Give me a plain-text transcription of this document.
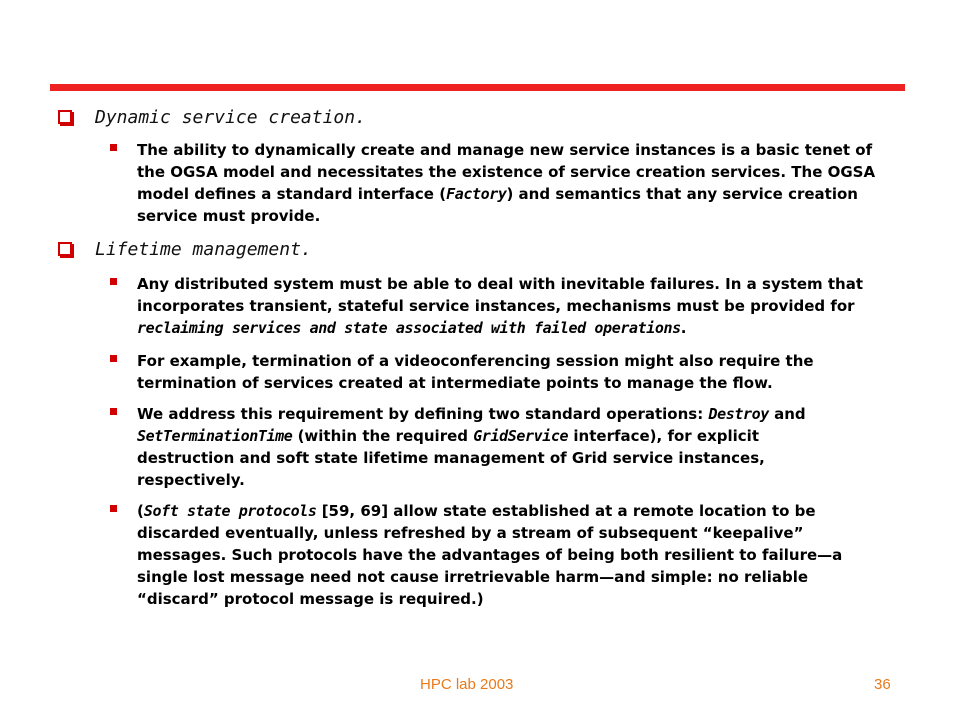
Dynamic service creation.
The ability to dynamically create and manage new service instances is a basic tenet of
the OGSA model and necessitates the existence of service creation services. The OGSA
model defines a standard interface (Factory) and semantics that any service creation
service must provide.
Lifetime management.
Any distributed system must be able to deal with inevitable failures. In a system that
incorporates transient, stateful service instances, mechanisms must be provided for
reclaiming services and state associated with failed operations.
For example, termination of a videoconferencing session might also require the
termination of services created at intermediate points to manage the flow.
We address this requirement by defining two standard operations: Destroy and
SetTerminationTime (within the required GridService interface), for explicit
destruction and soft state lifetime management of Grid service instances,
respectively.
(Soft state protocols [59, 69] allow state established at a remote location to be
discarded eventually, unless refreshed by a stream of subsequent “keepalive”
messages. Such protocols have the advantages of being both resilient to failure—a
single lost message need not cause irretrievable harm—and simple: no reliable
“discard” protocol message is required.)
HPC lab 2003	36
